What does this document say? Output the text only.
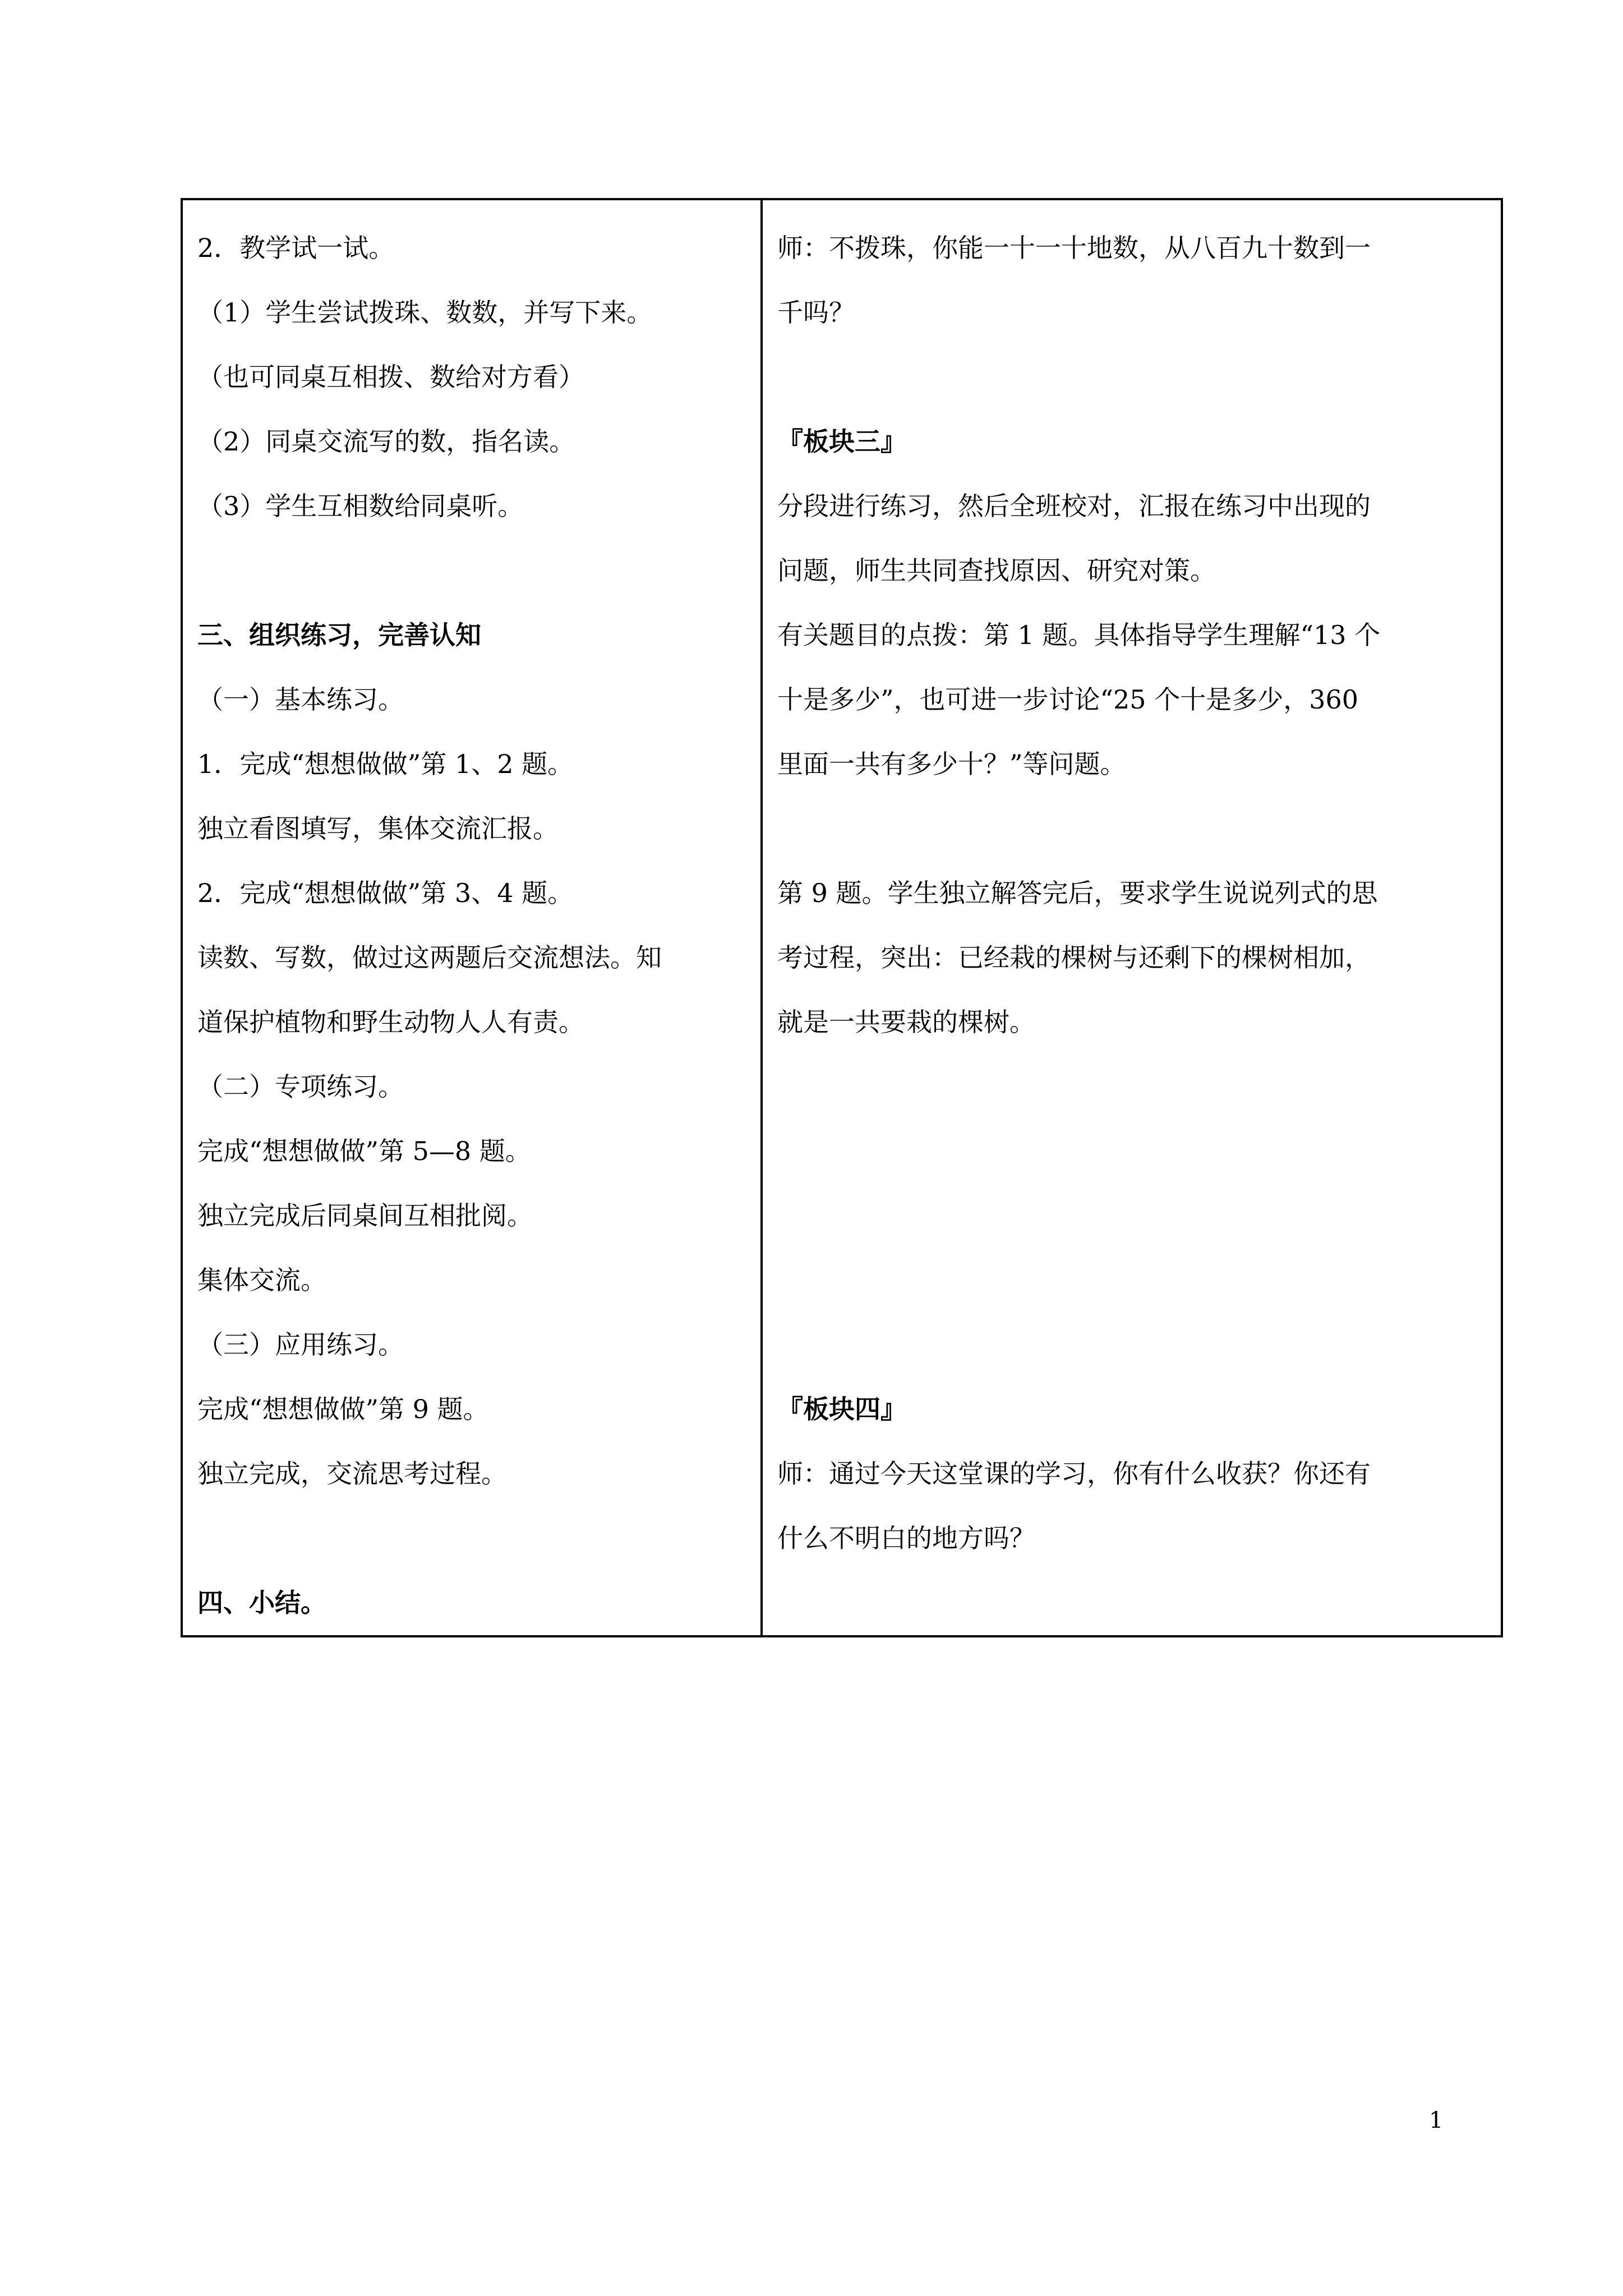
2．教学试一试。
（1）学生尝试拨珠、数数，并写下来。
（也可同桌互相拨、数给对方看）
（2）同桌交流写的数，指名读。
（3）学生互相数给同桌听。
三、组织练习，完善认知
（一）基本练习。
1．完成“想想做做”第 1、2 题。
独立看图填写，集体交流汇报。
2．完成“想想做做”第 3、4 题。
读数、写数，做过这两题后交流想法。知
道保护植物和野生动物人人有责。
（二）专项练习。
完成“想想做做”第 5—8 题。
独立完成后同桌间互相批阅。
集体交流。
（三）应用练习。
完成“想想做做”第 9 题。
独立完成，交流思考过程。
四、小结。

师：不拨珠，你能一十一十地数，从八百九十数到一
千吗？
『板块三』
分段进行练习，然后全班校对，汇报在练习中出现的
问题，师生共同查找原因、研究对策。
有关题目的点拨：第 1 题。具体指导学生理解“13 个
十是多少”，也可进一步讨论“25 个十是多少，360
里面一共有多少十？”等问题。
第 9 题。学生独立解答完后，要求学生说说列式的思
考过程，突出：已经栽的棵树与还剩下的棵树相加，
就是一共要栽的棵树。
『板块四』
师：通过今天这堂课的学习，你有什么收获？你还有
什么不明白的地方吗？
1
